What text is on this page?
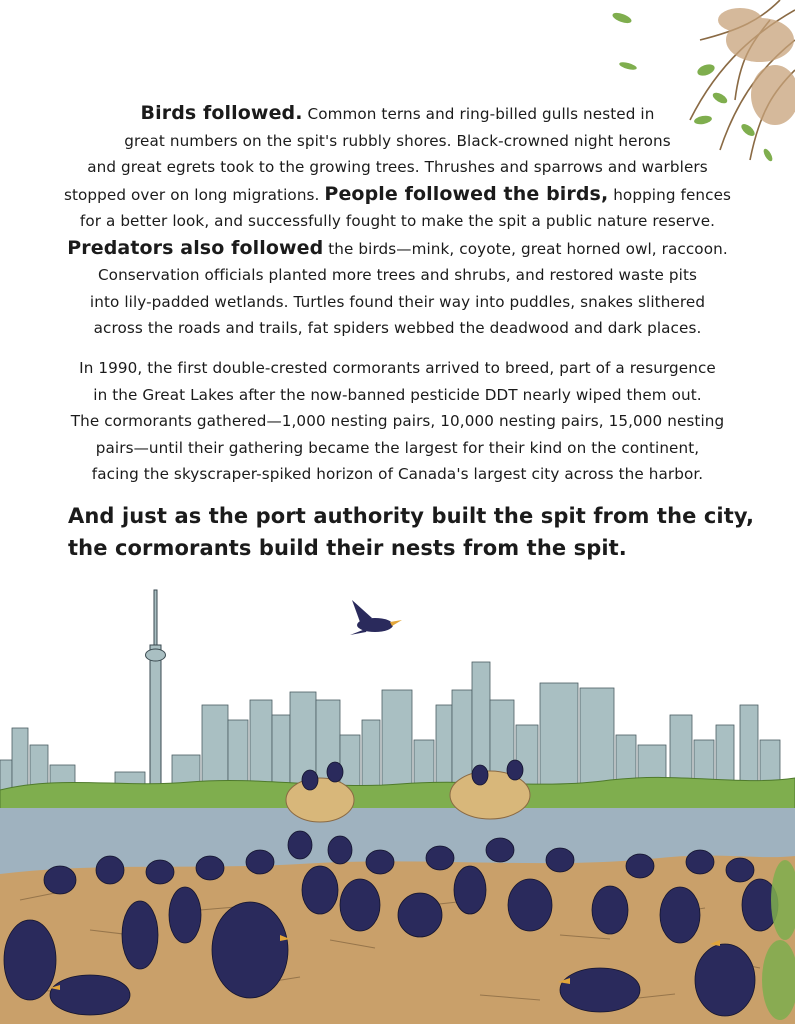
Birds followed. Common terns and ring-billed gulls nested in
great numbers on the spit's rubbly shores. Black-crowned night herons
and great egrets took to the growing trees. Thrushes and sparrows and warblers
stopped over on long migrations. People followed the birds, hopping fences
for a better look, and successfully fought to make the spit a public nature reserve.
Predators also followed the birds—mink, coyote, great horned owl, raccoon.
Conservation officials planted more trees and shrubs, and restored waste pits
into lily-padded wetlands. Turtles found their way into puddles, snakes slithered
across the roads and trails, fat spiders webbed the deadwood and dark places.
In 1990, the first double-crested cormorants arrived to breed, part of a resurgence
in the Great Lakes after the now-banned pesticide DDT nearly wiped them out.
The cormorants gathered—1,000 nesting pairs, 10,000 nesting pairs, 15,000 nesting
pairs—until their gathering became the largest for their kind on the continent,
facing the skyscraper-spiked horizon of Canada's largest city across the harbor.
And just as the port authority built the spit from the city,
the cormorants build their nests from the spit.
